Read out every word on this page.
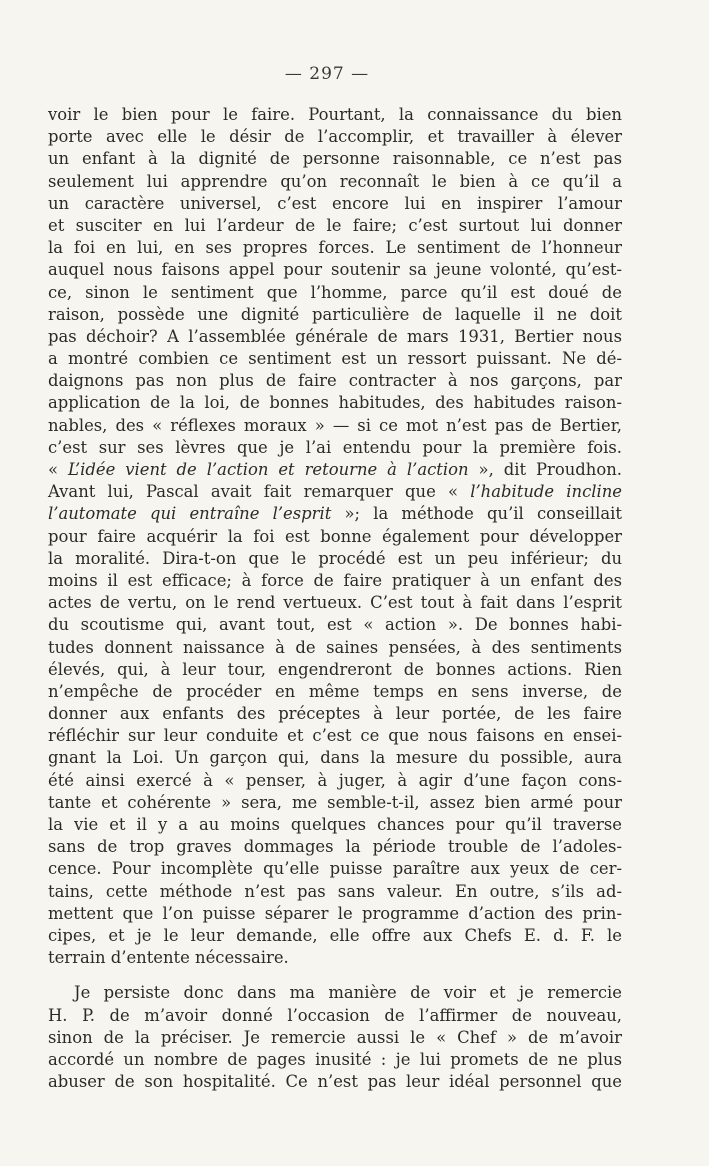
— 297 —
voir le bien pour le faire. Pourtant, la connaissance du bien
porte avec elle le désir de l’accomplir, et travailler à élever
un enfant à la dignité de personne raisonnable, ce n’est pas
seulement lui apprendre qu’on reconnaît le bien à ce qu’il a
un caractère universel, c’est encore lui en inspirer l’amour
et susciter en lui l’ardeur de le faire; c’est surtout lui donner
la foi en lui, en ses propres forces. Le sentiment de l’honneur
auquel nous faisons appel pour soutenir sa jeune volonté, qu’est-
ce, sinon le sentiment que l’homme, parce qu’il est doué de
raison, possède une dignité particulière de laquelle il ne doit
pas déchoir? A l’assemblée générale de mars 1931, Bertier nous
a montré combien ce sentiment est un ressort puissant. Ne dé-
daignons pas non plus de faire contracter à nos garçons, par
application de la loi, de bonnes habitudes, des habitudes raison-
nables, des « réflexes moraux » — si ce mot n’est pas de Bertier,
c’est sur ses lèvres que je l’ai entendu pour la première fois.
« L’idée vient de l’action et retourne à l’action », dit Proudhon.
Avant lui, Pascal avait fait remarquer que « l’habitude incline
l’automate qui entraîne l’esprit »; la méthode qu’il conseillait
pour faire acquérir la foi est bonne également pour développer
la moralité. Dira-t-on que le procédé est un peu inférieur; du
moins il est efficace; à force de faire pratiquer à un enfant des
actes de vertu, on le rend vertueux. C’est tout à fait dans l’esprit
du scoutisme qui, avant tout, est « action ». De bonnes habi-
tudes donnent naissance à de saines pensées, à des sentiments
élevés, qui, à leur tour, engendreront de bonnes actions. Rien
n’empêche de procéder en même temps en sens inverse, de
donner aux enfants des préceptes à leur portée, de les faire
réfléchir sur leur conduite et c’est ce que nous faisons en ensei-
gnant la Loi. Un garçon qui, dans la mesure du possible, aura
été ainsi exercé à « penser, à juger, à agir d’une façon cons-
tante et cohérente » sera, me semble-t-il, assez bien armé pour
la vie et il y a au moins quelques chances pour qu’il traverse
sans de trop graves dommages la période trouble de l’adoles-
cence. Pour incomplète qu’elle puisse paraître aux yeux de cer-
tains, cette méthode n’est pas sans valeur. En outre, s’ils ad-
mettent que l’on puisse séparer le programme d’action des prin-
cipes, et je le leur demande, elle offre aux Chefs E. d. F. le
terrain d’entente nécessaire.
Je persiste donc dans ma manière de voir et je remercie
H. P. de m’avoir donné l’occasion de l’affirmer de nouveau,
sinon de la préciser. Je remercie aussi le « Chef » de m’avoir
accordé un nombre de pages inusité : je lui promets de ne plus
abuser de son hospitalité. Ce n’est pas leur idéal personnel que
